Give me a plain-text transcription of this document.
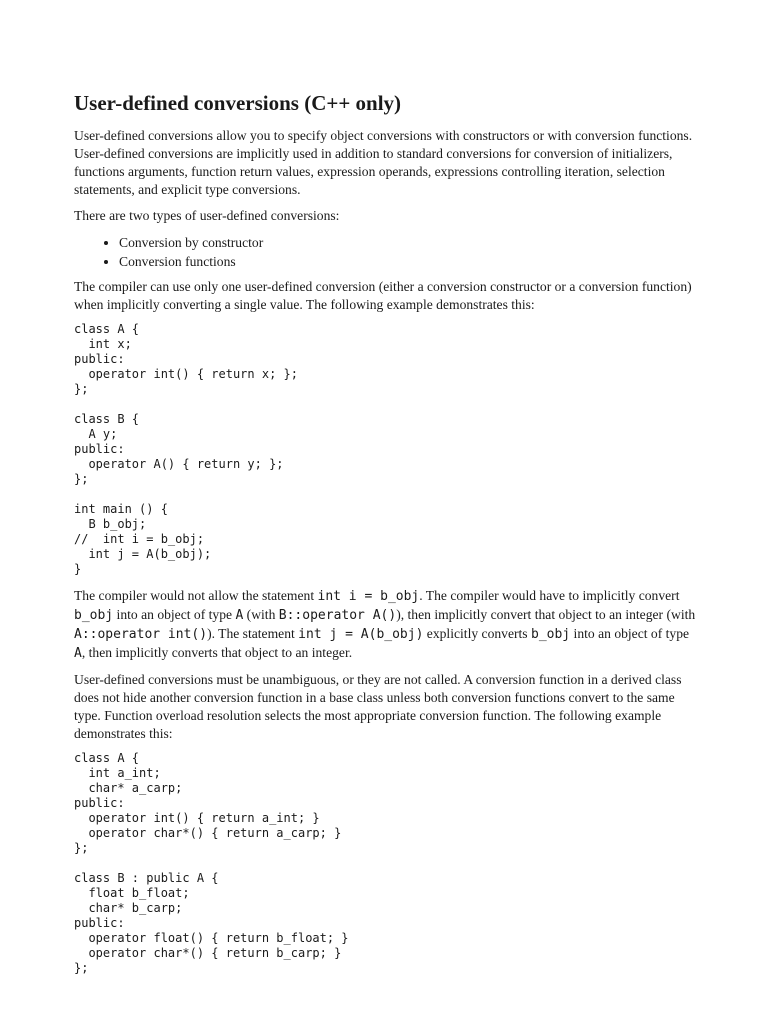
User-defined conversions (C++ only)

User-defined conversions allow you to specify object conversions with constructors or with conversion functions. User-defined conversions are implicitly used in addition to standard conversions for conversion of initializers, functions arguments, function return values, expression operands, expressions controlling iteration, selection statements, and explicit type conversions.

There are two types of user-defined conversions:

• Conversion by constructor
• Conversion functions

The compiler can use only one user-defined conversion (either a conversion constructor or a conversion function) when implicitly converting a single value. The following example demonstrates this:

class A {
int x;
public:
operator int() { return x; };
};

class B {
A y;
public:
operator A() { return y; };
};

int main () {
B b_obj;
//  int i = b_obj;
int j = A(b_obj);
}

The compiler would not allow the statement int i = b_obj. The compiler would have to implicitly convert b_obj into an object of type A (with B::operator A()), then implicitly convert that object to an integer (with A::operator int()). The statement int j = A(b_obj) explicitly converts b_obj into an object of type A, then implicitly converts that object to an integer.

User-defined conversions must be unambiguous, or they are not called. A conversion function in a derived class does not hide another conversion function in a base class unless both conversion functions convert to the same type. Function overload resolution selects the most appropriate conversion function. The following example demonstrates this:

class A {
int a_int;
char* a_carp;
public:
operator int() { return a_int; }
operator char*() { return a_carp; }
};

class B : public A {
float b_float;
char* b_carp;
public:
operator float() { return b_float; }
operator char*() { return b_carp; }
};
